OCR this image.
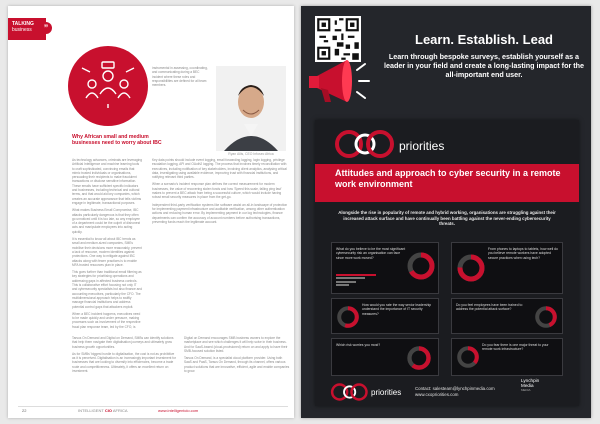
TALKING
business	”
Why African small and medium businesses need to worry about IBC

As technology advances, criminals are leveraging Artificial Intelligence and machine learning tools to craft sophisticated, convincing emails that mimic trusted individuals or organisations, persuading their recipients to make fraudulent transactions or disclose sensitive information. These emails have sufficient specific indicators and businesses, including technical and cultural terms, and that would aid key companies, which creates an accurate appearance that tells victims engage in legitimate, transactional purposes.

What makes Business Email Compromise, IBC attacks particularly dangerous is that they often go unnoticed until it is too late, so any employee of a department could be the culprit of dishonest acts and manipulate employees into acting quickly.

It is essential to know all about IBC trends as small and medium-sized companies, SMEs mobilise their decisions more reasonably, prevent a lack of resource, modern identities against protections. One way to mitigate against IBC attacks along with fewer practices is to enable MFA trusted resources plan in place.

This goes further than traditional email filtering as key strategies for prioritising operations and addressing gaps in affected business controls. This is collaborative effort focusing not only IT and cybersecurity specialists but also finance and accounting executives, particularly the CFO. The multidimensional approach helps to swiftly manage financial institutions and address potential control gaps that attackers exploit.

When a BEC incident happens, executives need to be made quickly and under pressure, making processes such as involvement of the respective fraud plan response team, led by the CFO, is

instrumental in assessing, coordinating, and communicating during a BEC incident where these roles and responsibilities are defined for all team members.

Key data points should include event logging, email forwarding logging, login logging, privilege escalation logging, API and OAuth2 logging. The process that involves timely reconciliation with executives, including notification of key stakeholders, involving client analytics, analysing critical data, investigating using available evidence, improving trust with financial institutions, and notifying relevant third parties.

When a scenario's incident response plan defines the correct measurement for modern businesses, the value of recovering stolen funds and how 'Speed this scale, falling ping fast' makes to prevent a BEC attack from being a successful culture, which would include having robust email security measures in place from the get-go.

Independent third-party verification systems like software assist an all-in landscape of protection for implementing payment infrastructure and auditable verification, among other authentication actions and reducing human error. By implementing payment in our log technologies, finance departments can confirm the accuracy of account numbers before authorising transactions, preventing funds reach the legitimate account.

Ryan Allis, CEO Infosec Africa

Tarsus On Demand and Digital on Demand, SMBs can identify solutions that help them navigate their digitalisation journeys and ultimately grow business growth opportunities.

As for SMBs' biggest hurdle to digitalisation, the cost is not as prohibitive as it is perceived. Digitalisation is an increasingly important investment for businesses that are looking to diversify into efficiencies, become a trade route and competitiveness. Ultimately, it offers an excellent return on investment.

Digital on Demand encourages SMB business owners to explore the marketplace and see which challenges it will help solve in their business. And for SaaS-based (cloud-provisioned) return on and apply to have their SMB-focused solution listed.

Tarsus On Demand, is a specialist cloud platform provider. Using both SaaS and PaaS, Tarsus On Demand, through its channel, offers various product solutions that are innovative, efficient, agile and enable companies to grow.

22	INTELLIGENT CIO AFRICA	www.intelligentcio.com
Learn. Establish. Lead
Learn through bespoke surveys, establish yourself as a leader in your field and create a long-lasting impact for the all-important end user.
priorities
Attitudes and approach to cyber security in a remote work environment
Alongside the rise in popularity of remote and hybrid working, organisations are struggling against their increased attack surface and have continually been battling against the never-ending cybersecurity threats.
What do you believe to be the most significant cybersecurity risk an organisation can face since more work moved?
From phones to laptops to tablets, how well do you believe remote workers have adopted secure practices when using tech?
How would you rate the way senior leadership understand the importance of IT security measures?
Do you feel employees have been trained to address the potential attack surface?
Which risk worries you most?	Do you fear there is one major threat to your remote work infrastructure?
priorities	Contact: salesteam@lynchpinmedia.com
www.cxopriorities.com
Lynchpin
Media
MEDIA
